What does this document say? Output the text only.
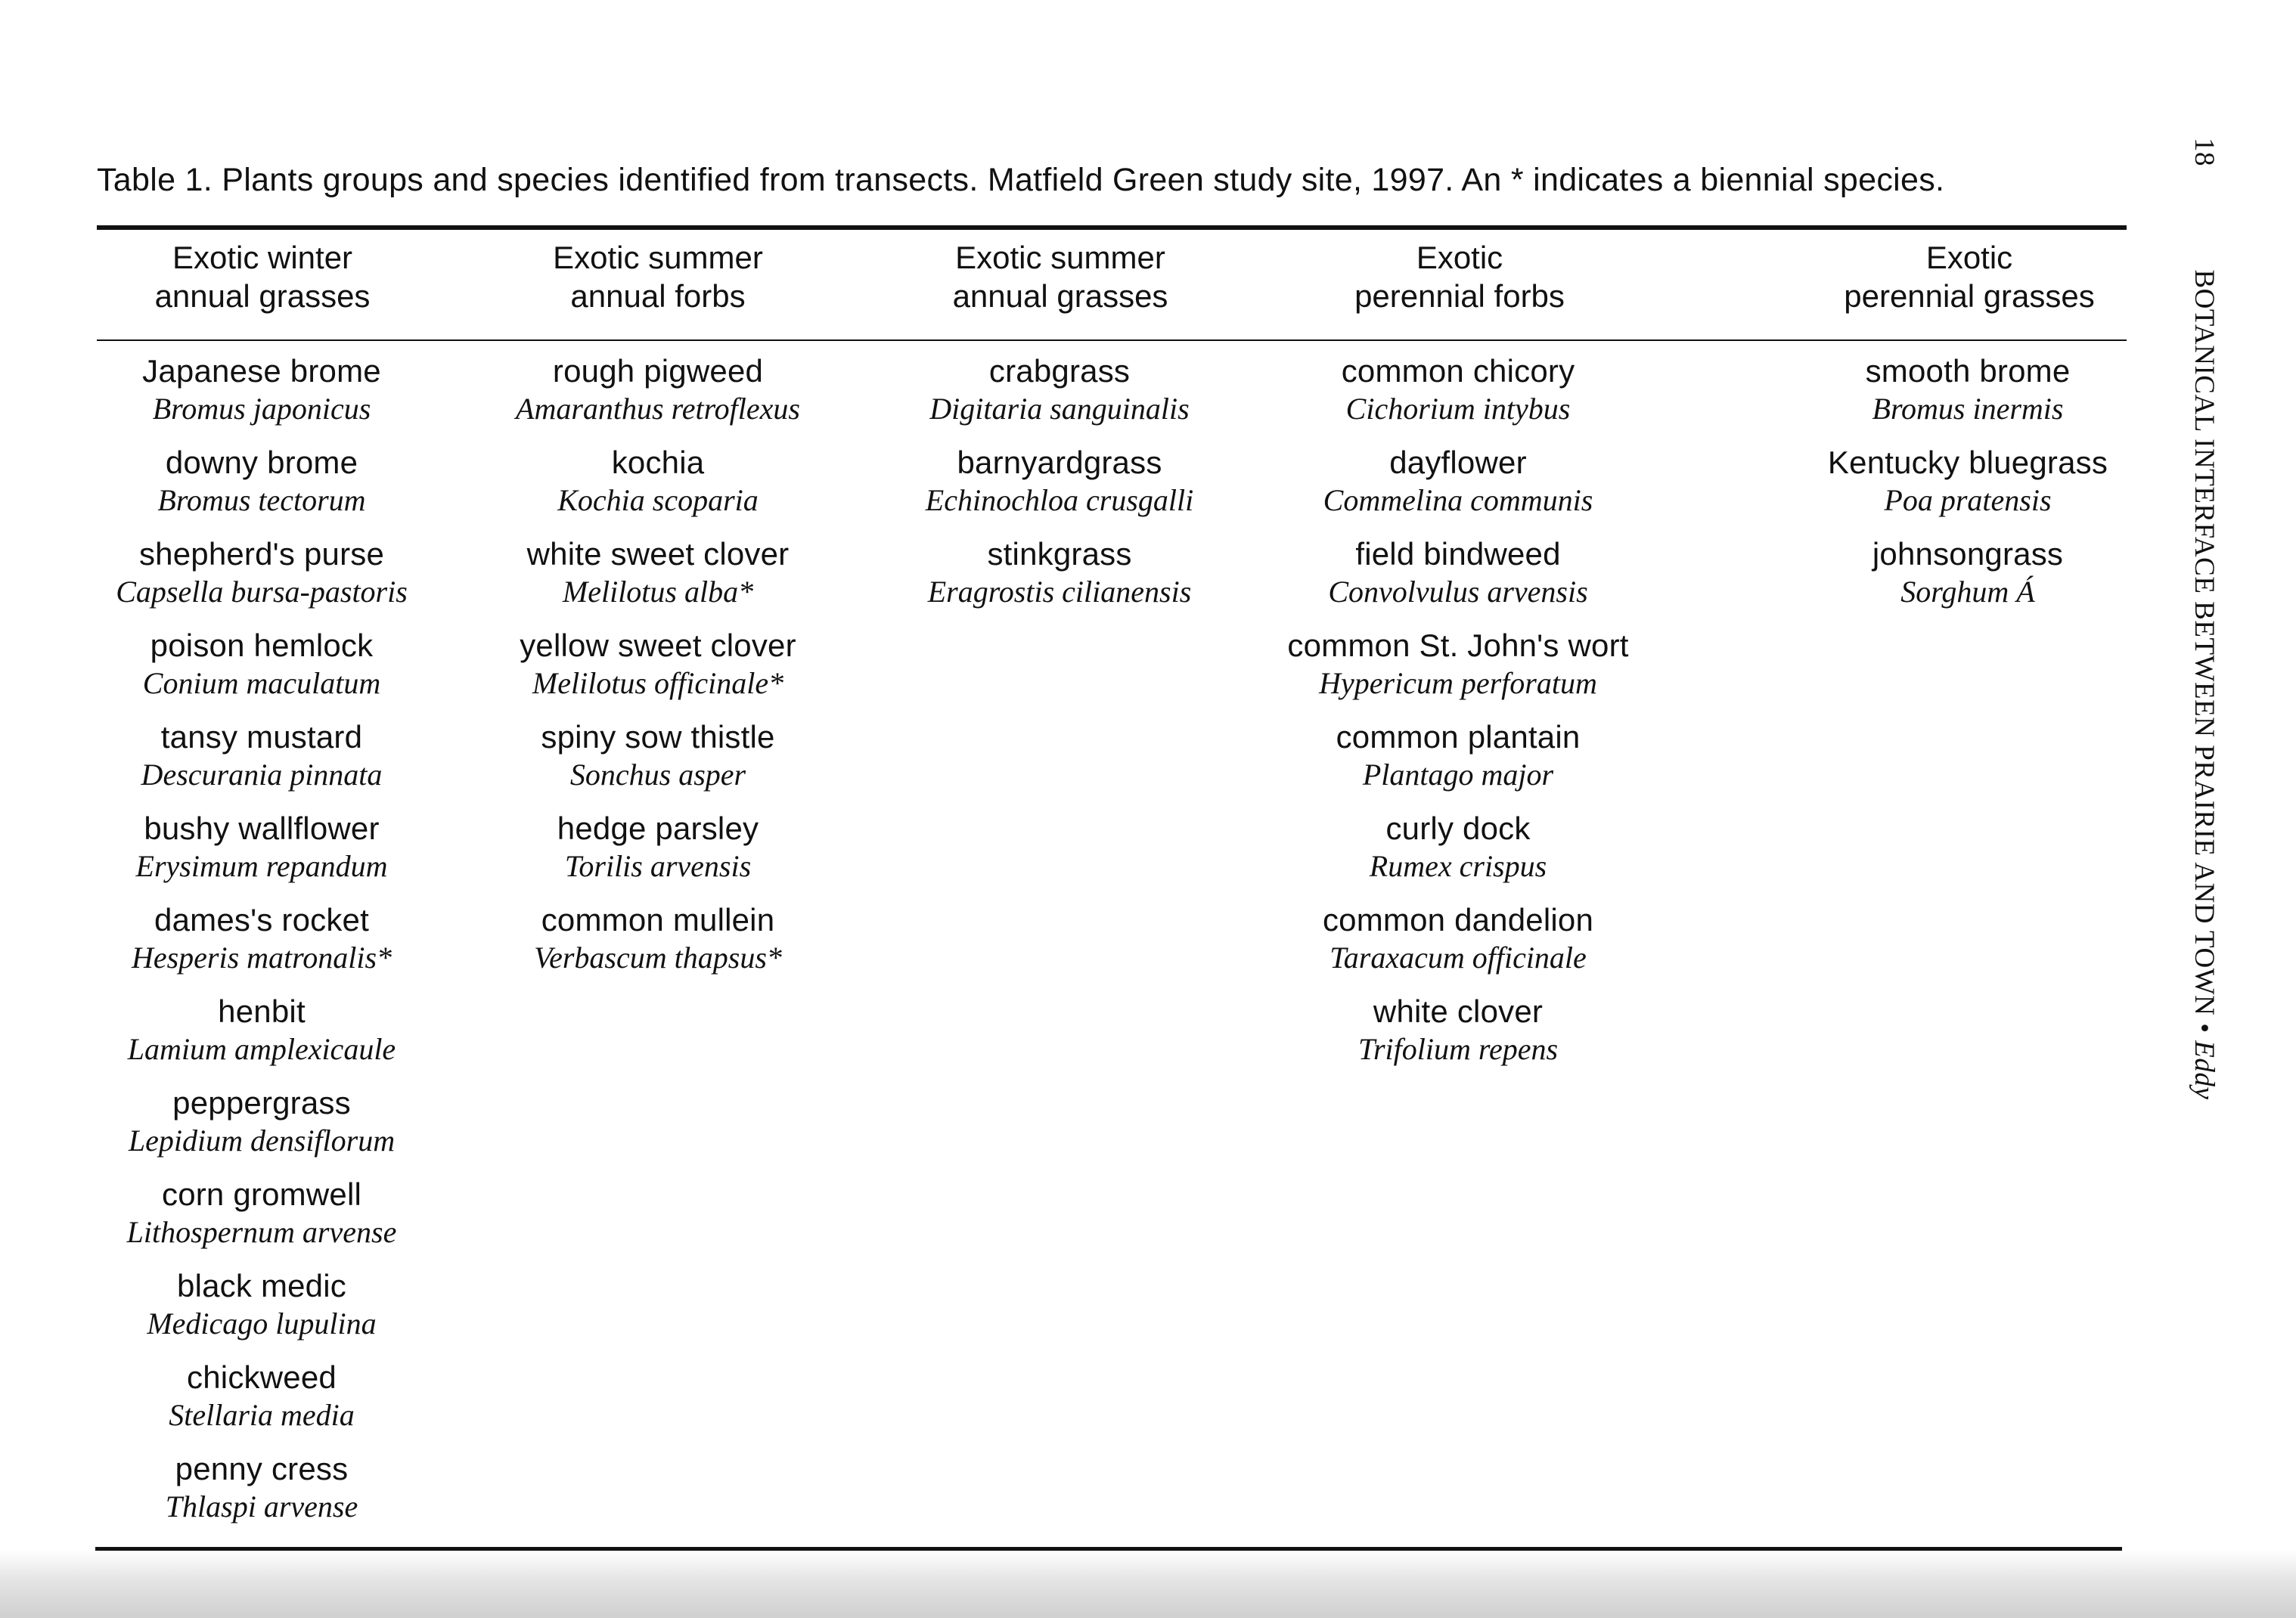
Table 1. Plants groups and species identified from transects. Matfield Green study site, 1997. An * indicates a biennial species.
Exotic winter
annual grasses
Exotic summer
annual forbs
Exotic summer
annual grasses
Exotic
perennial forbs
Exotic
perennial grasses
Japanese brome
Bromus japonicus
downy brome
Bromus tectorum
shepherd's purse
Capsella bursa-pastoris
poison hemlock
Conium maculatum
tansy mustard
Descurania pinnata
bushy wallflower
Erysimum repandum
dames's rocket
Hesperis matronalis*
henbit
Lamium amplexicaule
peppergrass
Lepidium densiflorum
corn gromwell
Lithospernum arvense
black medic
Medicago lupulina
chickweed
Stellaria media
penny cress
Thlaspi arvense
rough pigweed
Amaranthus retroflexus
kochia
Kochia scoparia
white sweet clover
Melilotus alba*
yellow sweet clover
Melilotus officinale*
spiny sow thistle
Sonchus asper
hedge parsley
Torilis arvensis
common mullein
Verbascum thapsus*
crabgrass
Digitaria sanguinalis
barnyardgrass
Echinochloa crusgalli
stinkgrass
Eragrostis cilianensis
common chicory
Cichorium intybus
dayflower
Commelina communis
field bindweed
Convolvulus arvensis
common St. John's wort
Hypericum perforatum
common plantain
Plantago major
curly dock
Rumex crispus
common dandelion
Taraxacum officinale
white clover
Trifolium repens
smooth brome
Bromus inermis
Kentucky bluegrass
Poa pratensis
johnsongrass
Sorghum Á
18              BOTANICAL INTERFACE BETWEEN PRAIRIE AND TOWN • Eddy
